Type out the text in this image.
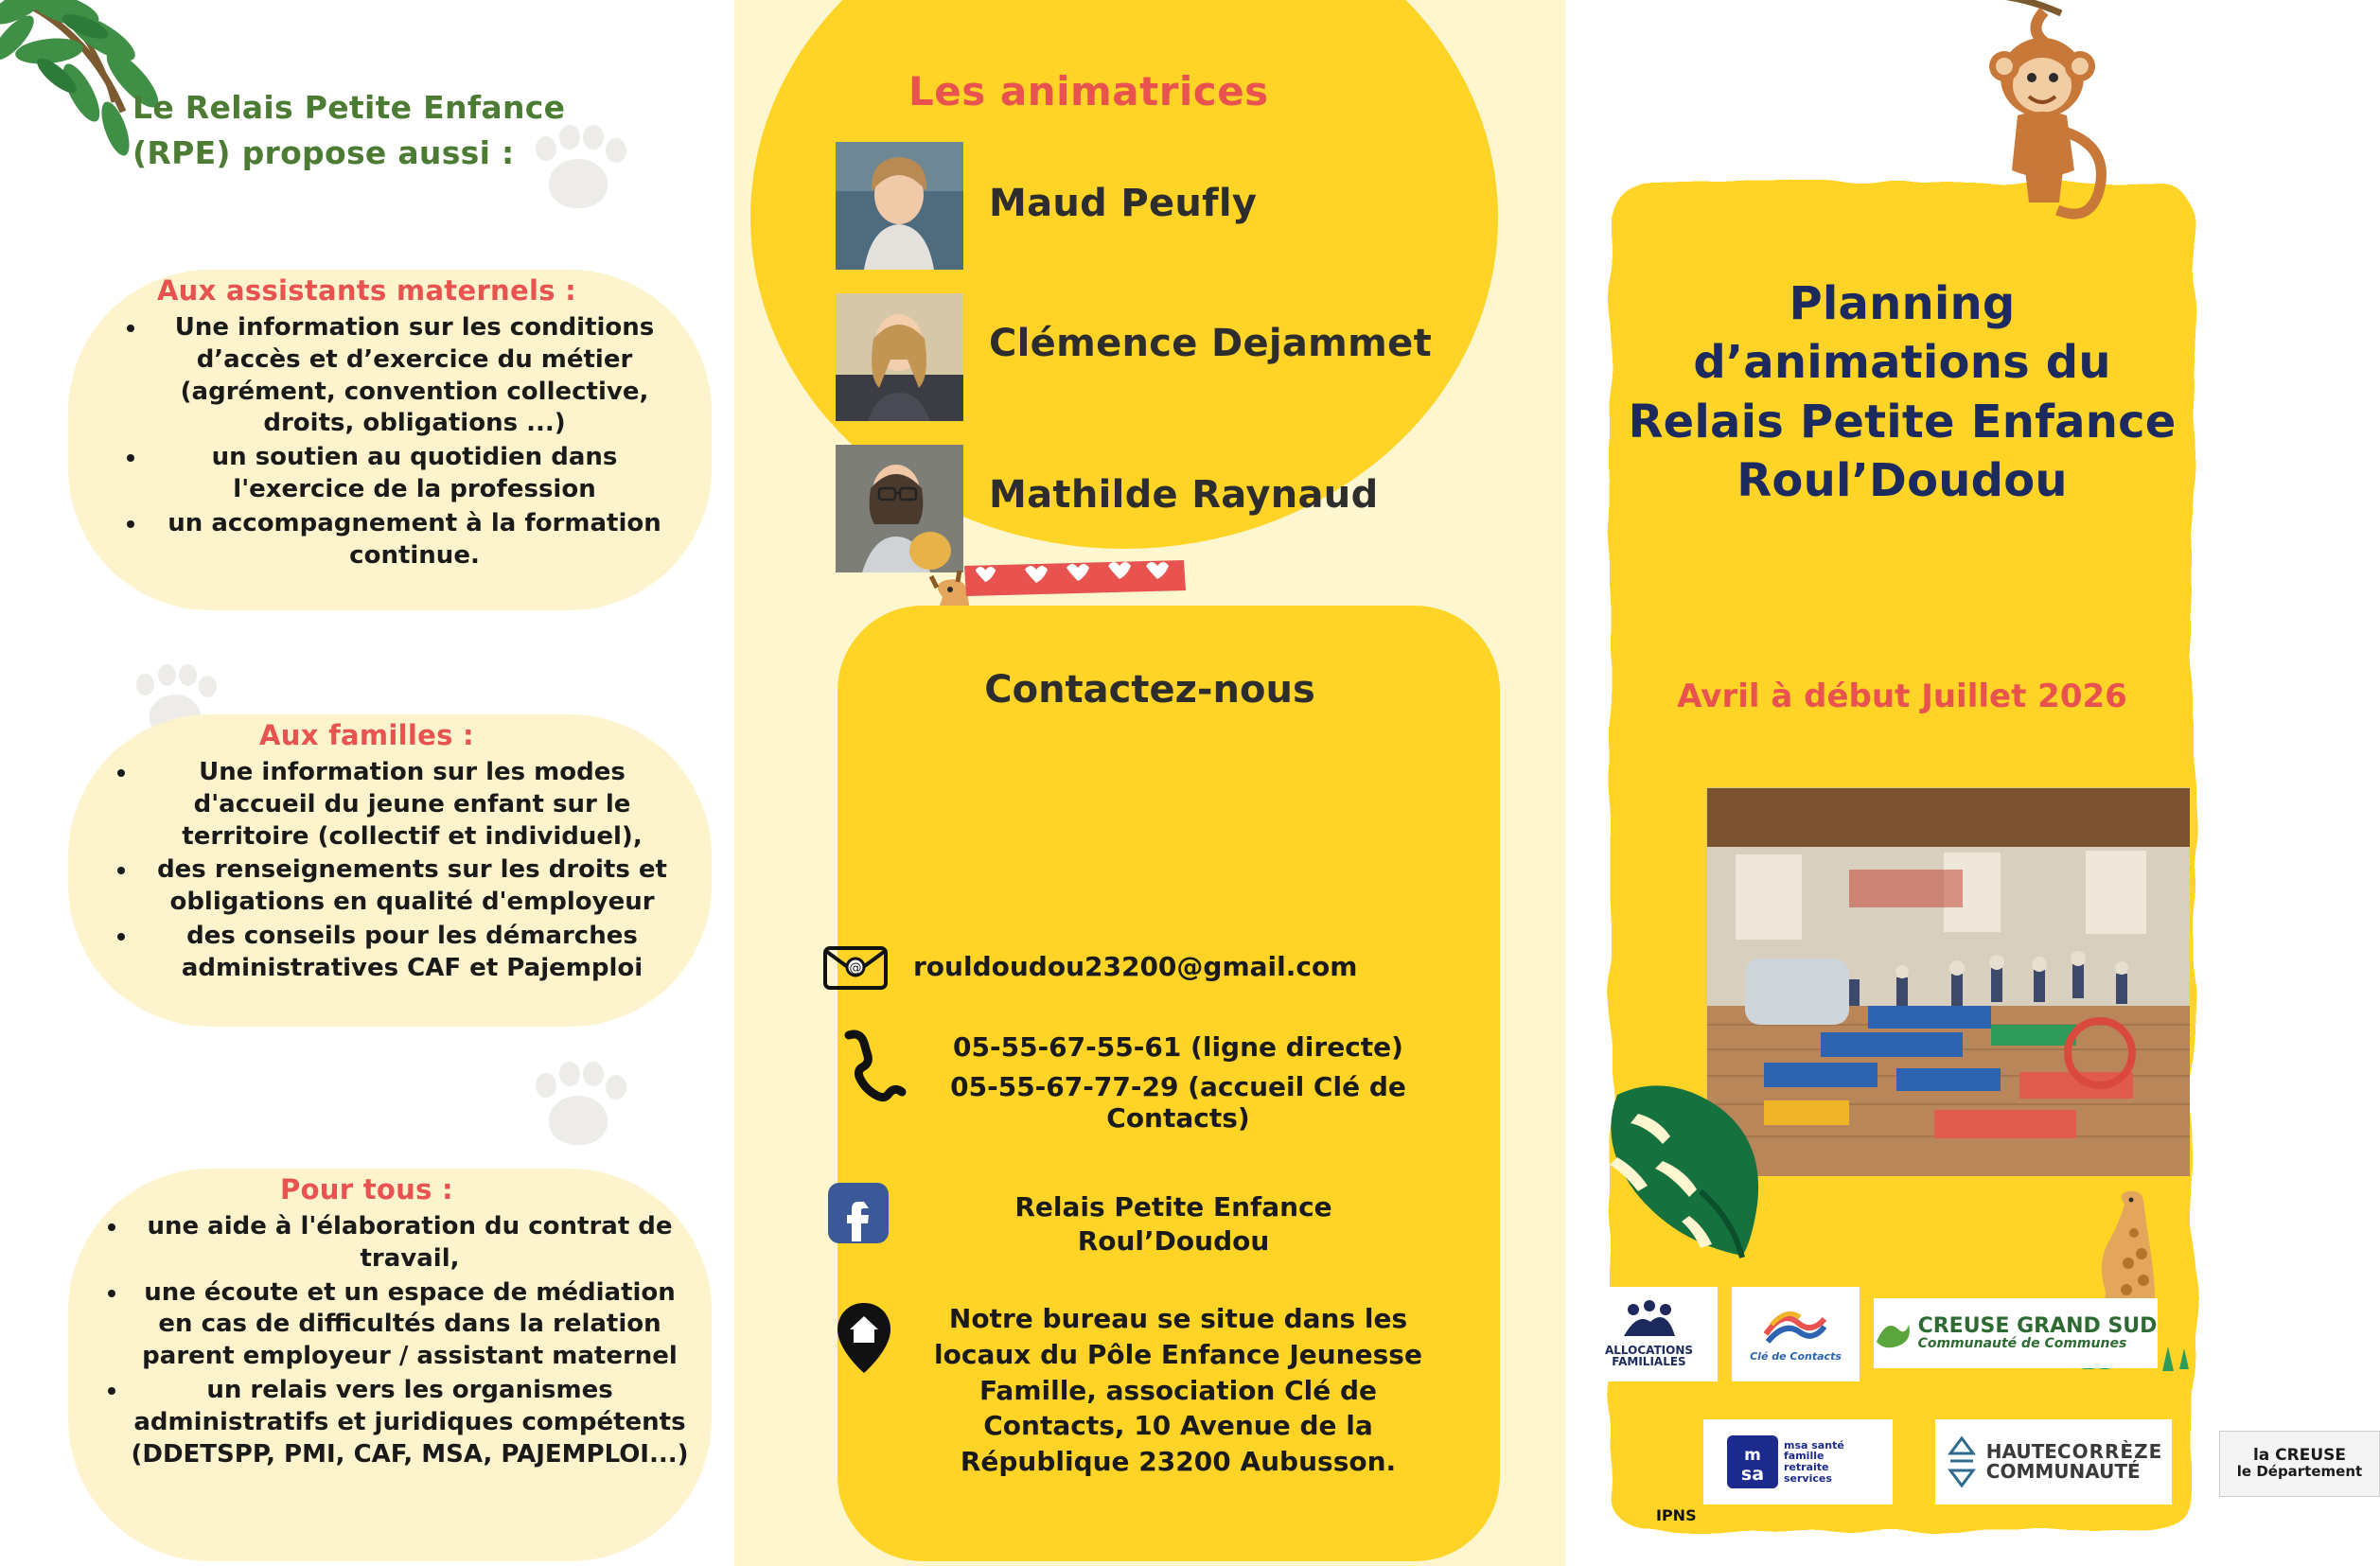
Le Relais Petite Enfance (RPE) propose aussi :
Aux assistants maternels :
• Une information sur les conditions d’accès et d’exercice du métier (agrément, convention collective, droits, obligations ...)
• un soutien au quotidien dans l'exercice de la profession
• un accompagnement à la formation continue.
Aux familles :
• Une information sur les modes d'accueil du jeune enfant sur le territoire (collectif et individuel),
• des renseignements sur les droits et obligations en qualité d'employeur
• des conseils pour les démarches administratives CAF et Pajemploi
Pour tous :
• une aide à l'élaboration du contrat de travail,
• une écoute et un espace de médiation en cas de difficultés dans la relation parent employeur / assistant maternel
• un relais vers les organismes administratifs et juridiques compétents (DDETSPP, PMI, CAF, MSA, PAJEMPLOI...)
Les animatrices
Maud Peufly
Clémence Dejammet
Mathilde Raynaud
Contactez-nous
@ rouldoudou23200@gmail.com
05-55-67-55-61 (ligne directe)
05-55-67-77-29 (accueil Clé de Contacts)
Relais Petite Enfance Roul’Doudou
Notre bureau se situe dans les locaux du Pôle Enfance Jeunesse Famille, association Clé de Contacts, 10 Avenue de la République 23200 Aubusson.
Planning d’animations du Relais Petite Enfance Roul’Doudou
Avril à début Juillet 2026
ALLOCATIONS FAMILIALES	Clé de Contacts
CREUSE GRAND SUD
Communauté de Communes
m
sa
msa santé famille retraite services
HAUTECORRÈZE
COMMUNAUTÉ
la CREUSE
le Département
IPNS
